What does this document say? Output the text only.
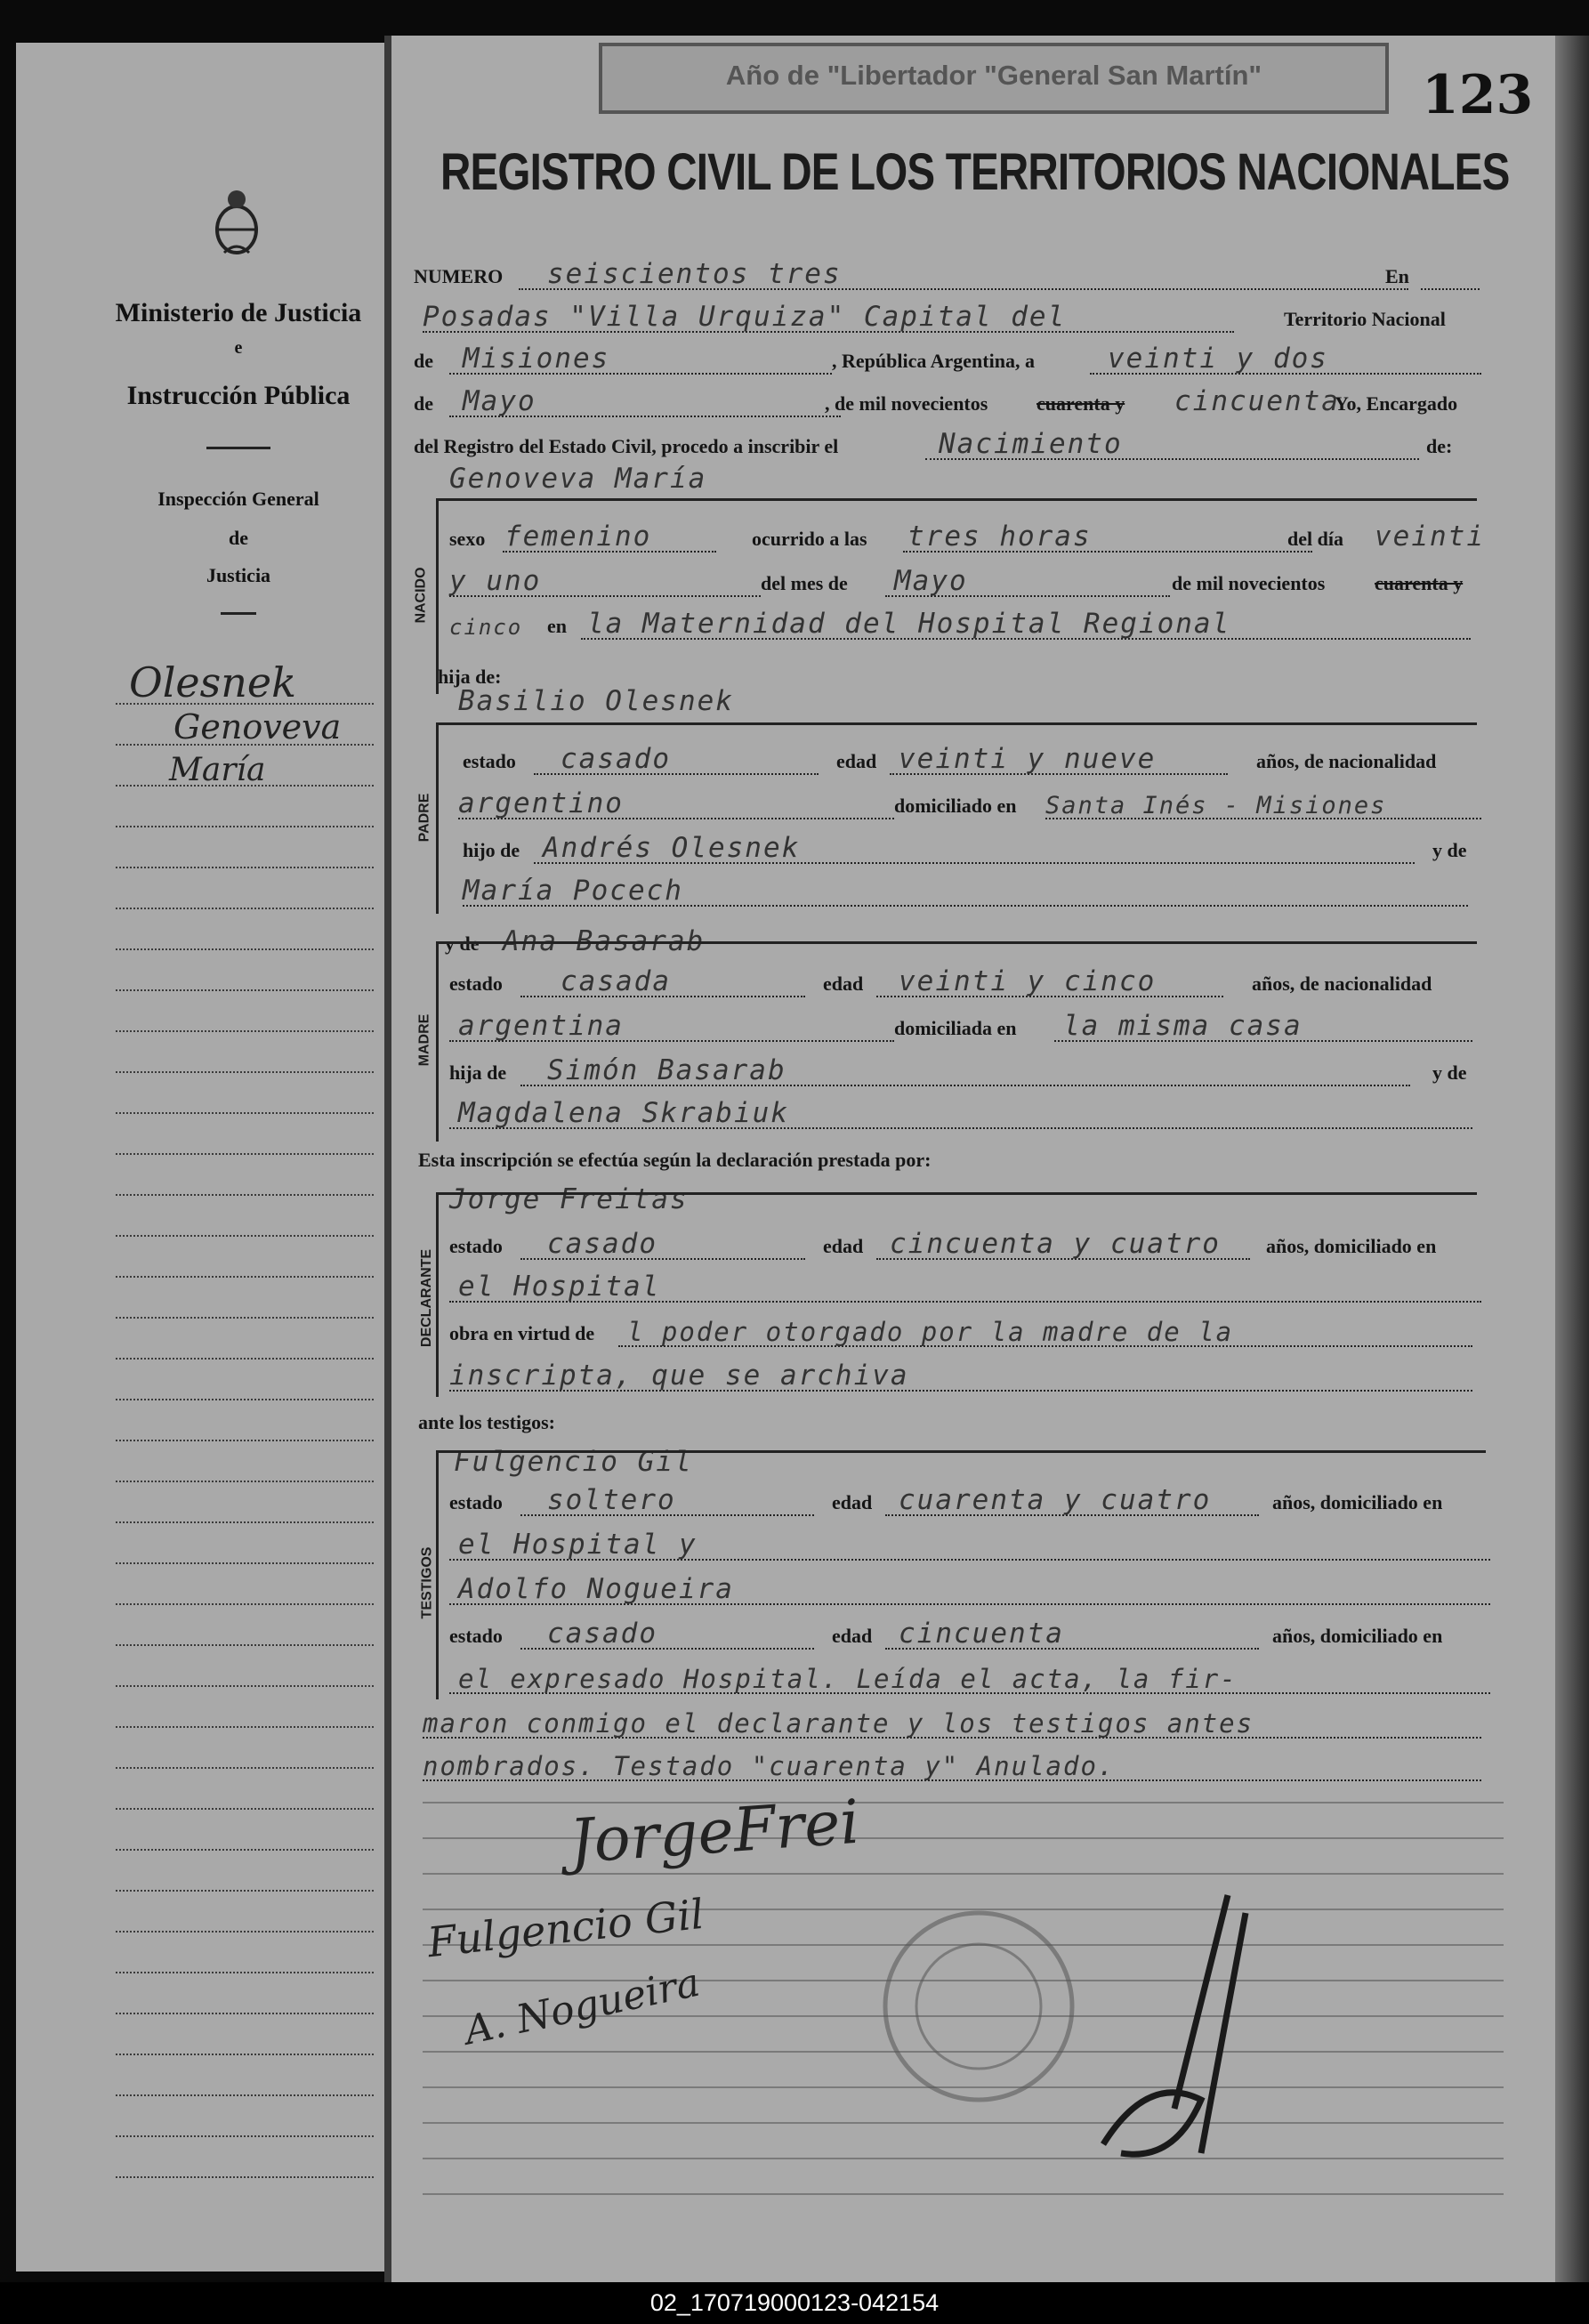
Ministerio de Justicia
e
Instrucción Pública
Inspección General
de
Justicia
Olesnek
Genoveva
María
Año de "Libertador "General San Martín"	123
REGISTRO CIVIL DE LOS TERRITORIOS NACIONALES
NUMERO seiscientos tres	En
Posadas "Villa Urquiza" Capital del	Territorio Nacional
de Misiones	, República Argentina, a	veinti y dos
de Mayo	, de mil novecientos cuarenta y cincuenta
Yo, Encargado
del Registro del Estado Civil, procedo a inscribir el	Nacimiento	de:
NACIDO
Genoveva María
sexo femenino	ocurrido a las tres horas	del día veinti
y uno	del mes de Mayo	de mil novecientos	cuarenta y
cinco en la Maternidad del Hospital Regional
hija de:
Basilio Olesnek
PADRE
estado casado	edad veinti y nueve	años, de nacionalidad
argentino	domiciliado en Santa Inés - Misiones
hijo de Andrés Olesnek	y de
María Pocech
y de Ana Basarab
MADRE
estado casada	edad veinti y cinco	años, de nacionalidad
argentina	domiciliada en la misma casa
hija de Simón Basarab	y de
Magdalena Skrabiuk
Esta inscripción se efectúa según la declaración prestada por:
Jorge Freitas
DECLARANTE
estado casado	edad cincuenta y cuatro años, domiciliado en
el Hospital
obra en virtud de l poder otorgado por la madre de la
inscripta, que se archiva
ante los testigos:
Fulgencio Gil
TESTIGOS
estado soltero	edad cuarenta y cuatro	años, domiciliado en
el Hospital y
Adolfo Nogueira
estado casado	edad cincuenta	años, domiciliado en
el expresado Hospital. Leída el acta, la fir-
maron conmigo el declarante y los testigos antes
nombrados. Testado "cuarenta y" Anulado.
JorgeFrei
Fulgencio Gil
A. Nogueira
02_170719000123-042154
